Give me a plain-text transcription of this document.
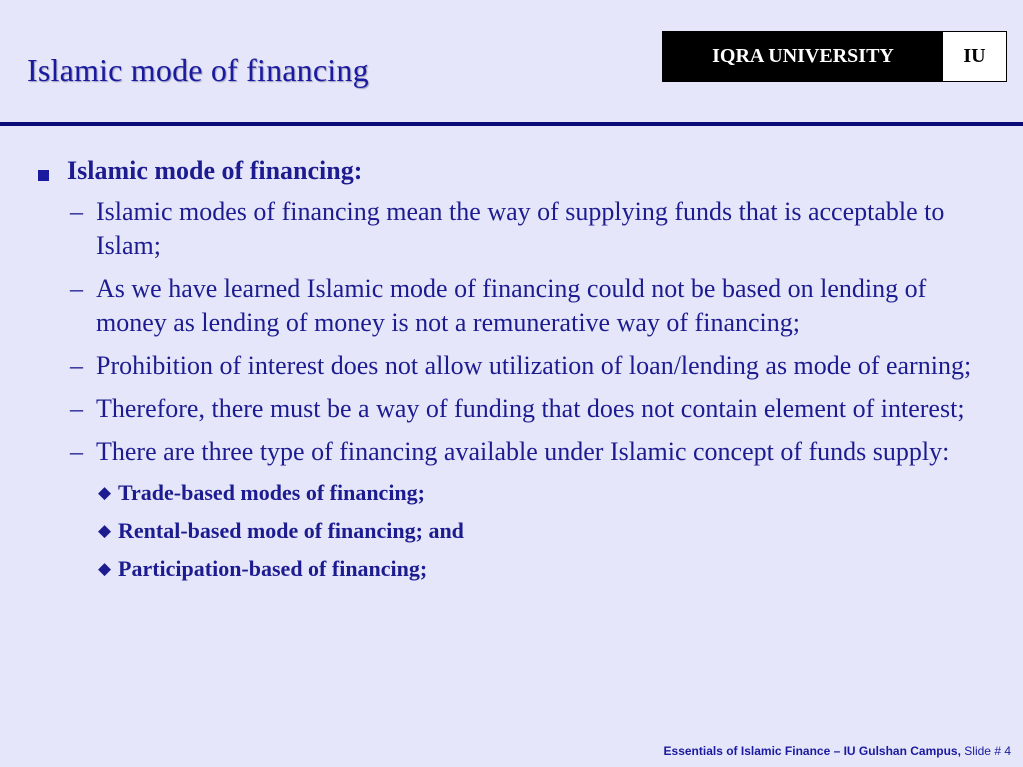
Islamic mode of financing	IQRA UNIVERSITY	IU
Islamic mode of financing:
– Islamic modes of financing mean the way of supplying funds that is acceptable to Islam;
– As we have learned Islamic mode of financing could not be based on lending of money as lending of money is not a remunerative way of financing;
– Prohibition of interest does not allow utilization of loan/lending as mode of earning;
– Therefore, there must be a way of funding that does not contain element of interest;
– There are three type of financing available under Islamic concept of funds supply:
◆ Trade-based modes of financing;
◆ Rental-based mode of financing; and
◆ Participation-based of financing;
Essentials of Islamic Finance – IU Gulshan Campus, Slide # 4
